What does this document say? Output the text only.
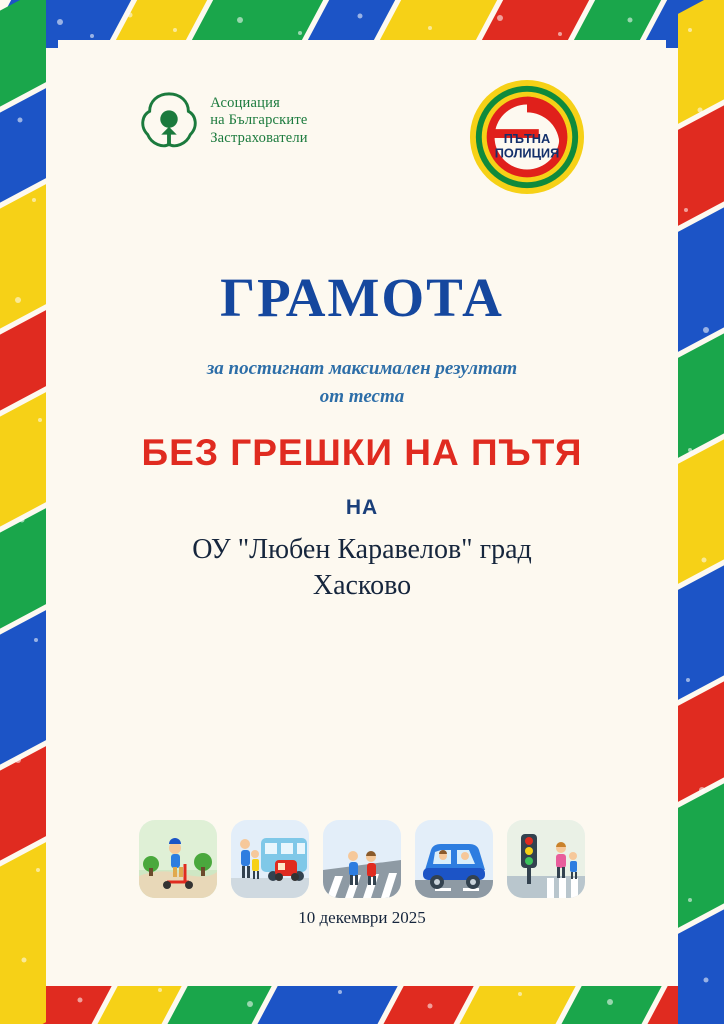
Асоциация
на Българските
Застрахователи	ПЪТНА
ПОЛИЦИЯ
ГРАМОТА
за постигнат максимален резултат
от теста
БЕЗ ГРЕШКИ НА ПЪТЯ
НА
ОУ "Любен Каравелов" град
Хасково
10 декември 2025
